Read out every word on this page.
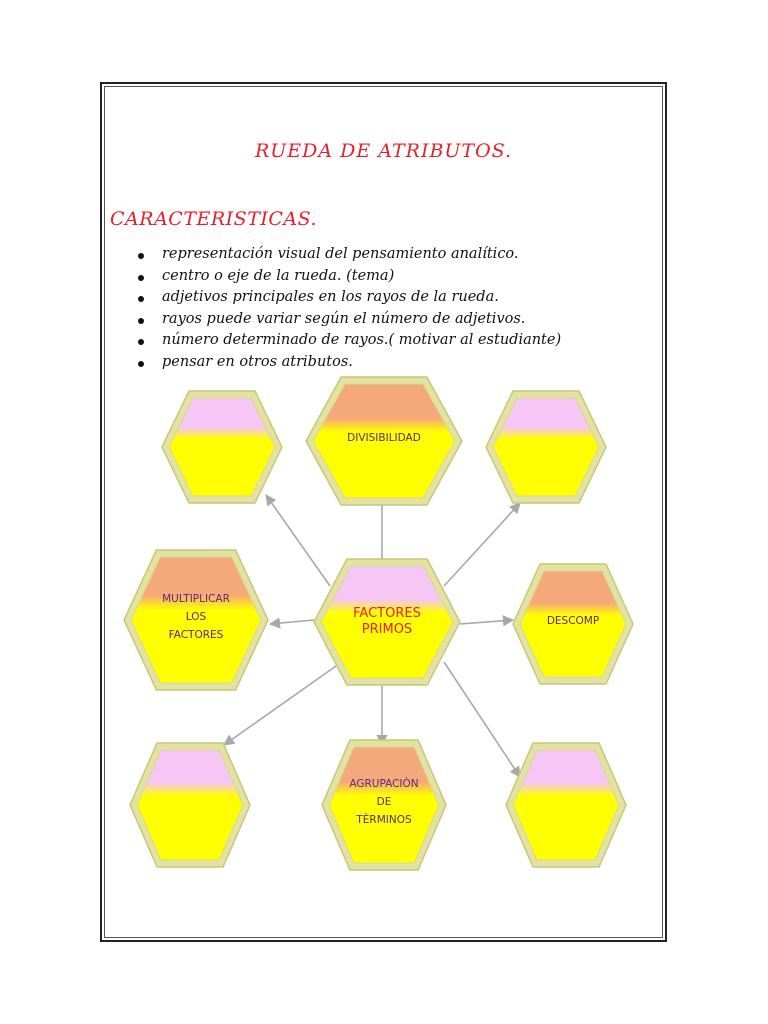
RUEDA DE ATRIBUTOS.
CARACTERISTICAS.
representación visual del pensamiento analítico.
centro o eje de la rueda. (tema)
adjetivos principales en los rayos de la rueda.
rayos puede variar según el número de adjetivos.
número determinado de rayos.( motivar al estudiante)
pensar en otros atributos.
DIVISIBILIDAD
MULTIPLICAR
LOS
FACTORES
DESCOMP
AGRUPACIÒN
DE
TÈRMINOS
FACTORES
PRIMOS
